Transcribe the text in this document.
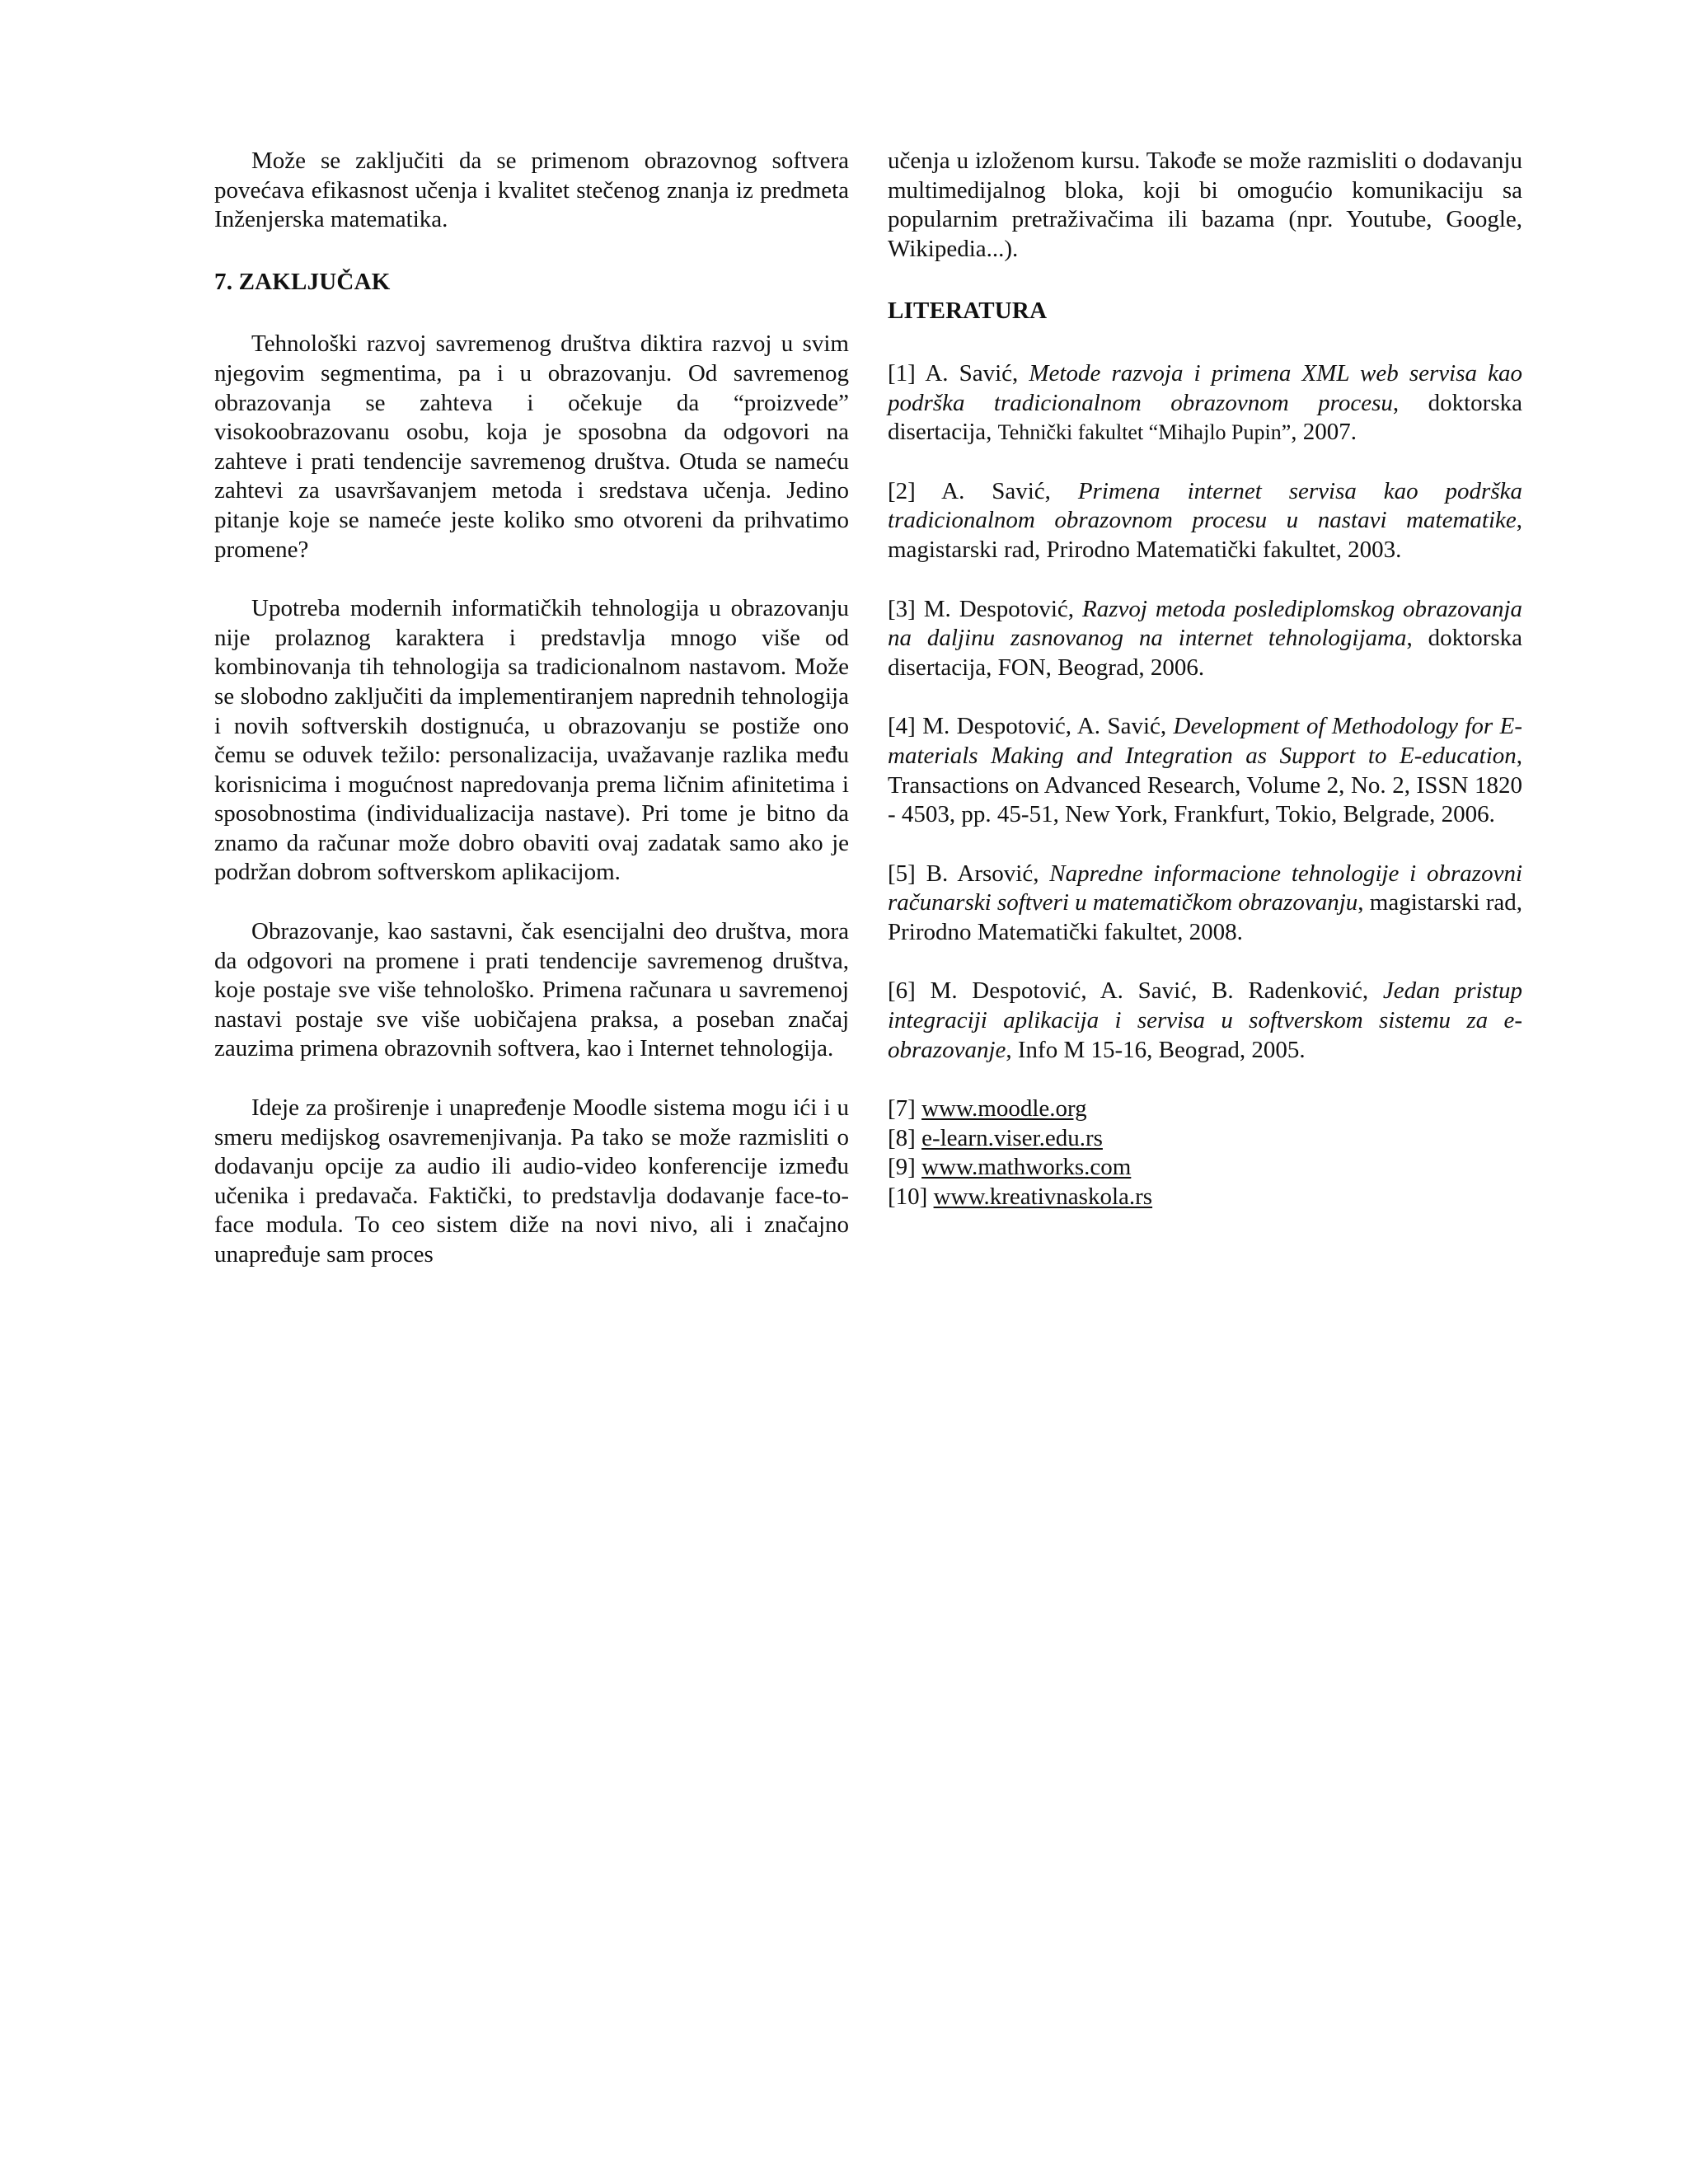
Može se zaključiti da se primenom obrazovnog softvera povećava efikasnost učenja i kvalitet stečenog znanja iz predmeta Inženjerska matematika.

7. ZAKLJUČAK

Tehnološki razvoj savremenog društva diktira razvoj u svim njegovim segmentima, pa i u obrazovanju. Od savremenog obrazovanja se zahteva i očekuje da “proizvede” visokoobrazovanu osobu, koja je sposobna da odgovori na zahteve i prati tendencije savremenog društva. Otuda se nameću zahtevi za usavršavanjem metoda i sredstava učenja. Jedino pitanje koje se nameće jeste koliko smo otvoreni da prihvatimo promene?

Upotreba modernih informatičkih tehnologija u obrazovanju nije prolaznog karaktera i predstavlja mnogo više od kombinovanja tih tehnologija sa tradicionalnom nastavom. Može se slobodno zaključiti da implementiranjem naprednih tehnologija i novih softverskih dostignuća, u obrazovanju se postiže ono čemu se oduvek težilo: personalizacija, uvažavanje razlika među korisnicima i mogućnost napredovanja prema ličnim afinitetima i sposobnostima (individualizacija nastave). Pri tome je bitno da znamo da računar može dobro obaviti ovaj zadatak samo ako je podržan dobrom softverskom aplikacijom.

Obrazovanje, kao sastavni, čak esencijalni deo društva, mora da odgovori na promene i prati tendencije savremenog društva, koje postaje sve više tehnološko. Primena računara u savremenoj nastavi postaje sve više uobičajena praksa, a poseban značaj zauzima primena obrazovnih softvera, kao i Internet tehnologija.

Ideje za proširenje i unapređenje Moodle sistema mogu ići i u smeru medijskog osavremenjivanja. Pa tako se može razmisliti o dodavanju opcije za audio ili audio-video konferencije između učenika i predavača. Faktički, to predstavlja dodavanje face-to-face modula. To ceo sistem diže na novi nivo, ali i značajno unapređuje sam proces

učenja u izloženom kursu. Takođe se može razmisliti o dodavanju multimedijalnog bloka, koji bi omogućio komunikaciju sa popularnim pretraživačima ili bazama (npr. Youtube, Google, Wikipedia...).

LITERATURA

[1] A. Savić, Metode razvoja i primena XML web servisa kao podrška tradicionalnom obrazovnom procesu, doktorska disertacija, Tehnički fakultet “Mihajlo Pupin”, 2007.

[2] A. Savić, Primena internet servisa kao podrška tradicionalnom obrazovnom procesu u nastavi matematike, magistarski rad, Prirodno Matematički fakultet, 2003.

[3] M. Despotović, Razvoj metoda poslediplomskog obrazovanja na daljinu zasnovanog na internet tehnologijama, doktorska disertacija, FON, Beograd, 2006.

[4] M. Despotović, A. Savić, Development of Methodology for E-materials Making and Integration as Support to E-education, Transactions on Advanced Research, Volume 2, No. 2, ISSN 1820 - 4503, pp. 45-51, New York, Frankfurt, Tokio, Belgrade, 2006.

[5] B. Arsović, Napredne informacione tehnologije i obrazovni računarski softveri u matematičkom obrazovanju, magistarski rad, Prirodno Matematički fakultet, 2008.

[6] M. Despotović, A. Savić, B. Radenković, Jedan pristup integraciji aplikacija i servisa u softverskom sistemu za e-obrazovanje, Info M 15-16, Beograd, 2005.

[7] www.moodle.org
[8] e-learn.viser.edu.rs
[9] www.mathworks.com
[10] www.kreativnaskola.rs
